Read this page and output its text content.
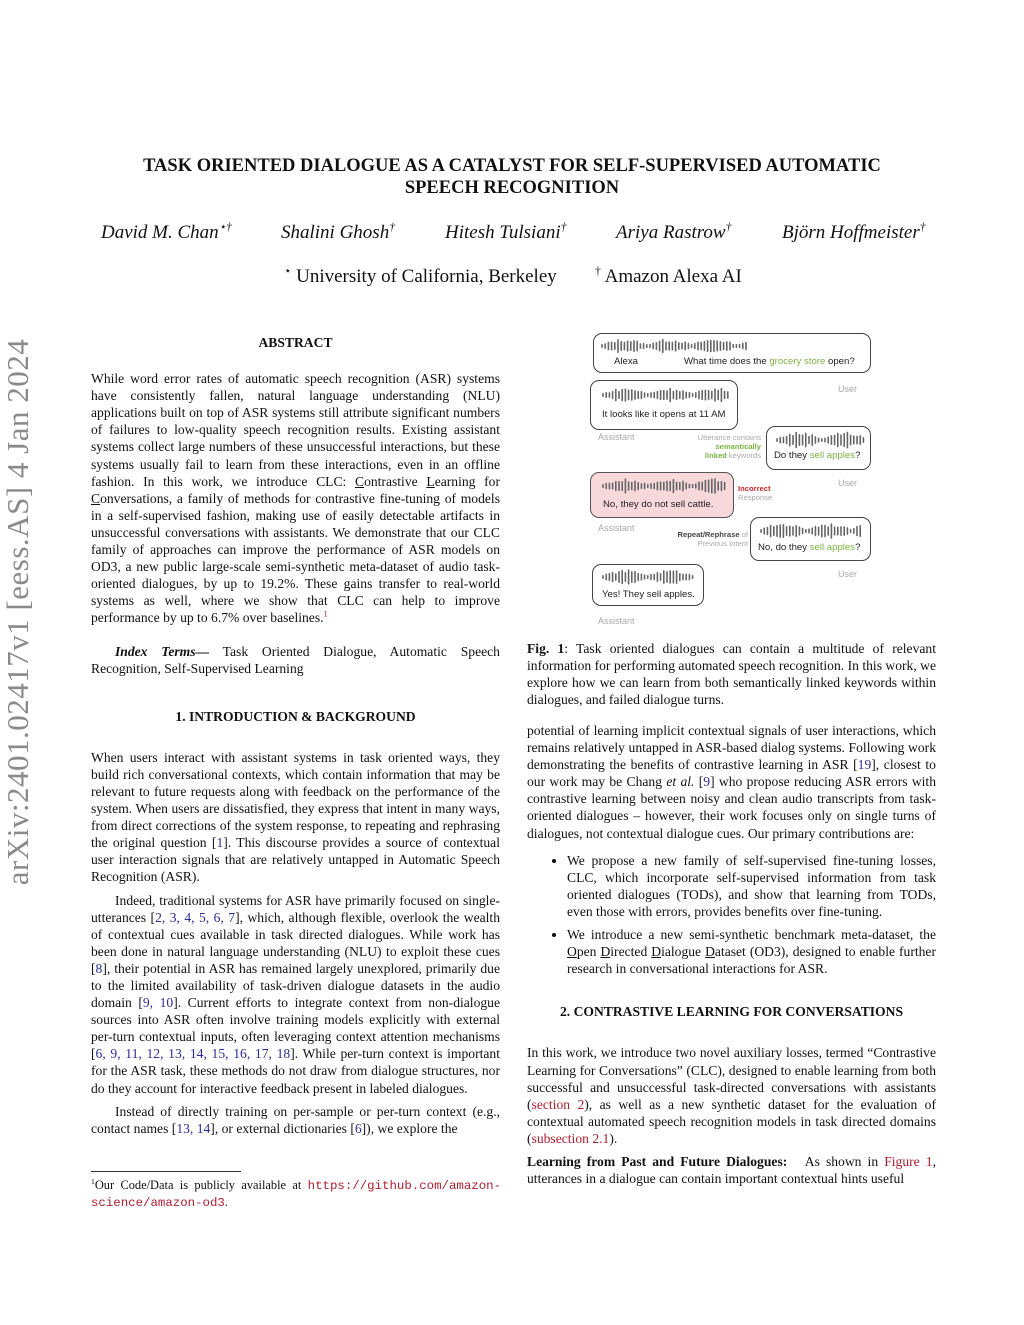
arXiv:2401.02417v1 [eess.AS] 4 Jan 2024
TASK ORIENTED DIALOGUE AS A CATALYST FOR SELF-SUPERVISED AUTOMATIC
SPEECH RECOGNITION
David M. Chan⋆†	Shalini Ghosh†	Hitesh Tulsiani†	Ariya Rastrow†	Björn Hoffmeister†
⋆ University of California, Berkeley	† Amazon Alexa AI

ABSTRACT

While word error rates of automatic speech recognition (ASR) systems have consistently fallen, natural language understanding (NLU) applications built on top of ASR systems still attribute significant numbers of failures to low-quality speech recognition results. Existing assistant systems collect large numbers of these unsuccessful interactions, but these systems usually fail to learn from these interactions, even in an offline fashion. In this work, we introduce CLC: Contrastive Learning for Conversations, a family of methods for contrastive fine-tuning of models in a self-supervised fashion, making use of easily detectable artifacts in unsuccessful conversations with assistants. We demonstrate that our CLC family of approaches can improve the performance of ASR models on OD3, a new public large-scale semi-synthetic meta-dataset of audio task-oriented dialogues, by up to 19.2%. These gains transfer to real-world systems as well, where we show that CLC can help to improve performance by up to 6.7% over baselines.$^1$

Index Terms— Task Oriented Dialogue, Automatic Speech Recognition, Self-Supervised Learning

1. INTRODUCTION & BACKGROUND

When users interact with assistant systems in task oriented ways, they build rich conversational contexts, which contain information that may be relevant to future requests along with feedback on the performance of the system. When users are dissatisfied, they express that intent in many ways, from direct corrections of the system response, to repeating and rephrasing the original question [1]. This discourse provides a source of contextual user interaction signals that are relatively untapped in Automatic Speech Recognition (ASR).

Indeed, traditional systems for ASR have primarily focused on single-utterances [2, 3, 4, 5, 6, 7], which, although flexible, overlook the wealth of contextual cues available in task directed dialogues. While work has been done in natural language understanding (NLU) to exploit these cues [8], their potential in ASR has remained largely unexplored, primarily due to the limited availability of task-driven dialogue datasets in the audio domain [9, 10]. Current efforts to integrate context from non-dialogue sources into ASR often involve training models explicitly with external per-turn contextual inputs, often leveraging context attention mechanisms [6, 9, 11, 12, 13, 14, 15, 16, 17, 18]. While per-turn context is important for the ASR task, these methods do not draw from dialogue structures, nor do they account for interactive feedback present in labeled dialogues.

Instead of directly training on per-sample or per-turn context (e.g., contact names [13, 14], or external dictionaries [6]), we explore the

$^1$Our Code/Data is publicly available at https://github.com/amazon-science/amazon-od3.
Alexa	What time does the grocery store open?
User
It looks like it opens at 11 AM
Assistant	Utterance contains
semantically
linked keywords Do they sell apples?
User
No, they do not sell cattle.
Assistant
Incorrect
Response
Repeat/Rephrase of
Previous Intent No, do they sell apples?
User
Yes! They sell apples.
Assistant
Fig. 1: Task oriented dialogues can contain a multitude of relevant information for performing automated speech recognition. In this work, we explore how we can learn from both semantically linked keywords within dialogues, and failed dialogue turns.

potential of learning implicit contextual signals of user interactions, which remains relatively untapped in ASR-based dialog systems. Following work demonstrating the benefits of contrastive learning in ASR [19], closest to our work may be Chang et al. [9] who propose reducing ASR errors with contrastive learning between noisy and clean audio transcripts from task-oriented dialogues – however, their work focuses only on single turns of dialogues, not contextual dialogue cues. Our primary contributions are:

• We propose a new family of self-supervised fine-tuning losses, CLC, which incorporate self-supervised information from task oriented dialogues (TODs), and show that learning from TODs, even those with errors, provides benefits over fine-tuning.
• We introduce a new semi-synthetic benchmark meta-dataset, the Open Directed Dialogue Dataset (OD3), designed to enable further research in conversational interactions for ASR.

2. CONTRASTIVE LEARNING FOR CONVERSATIONS

In this work, we introduce two novel auxiliary losses, termed “Contrastive Learning for Conversations” (CLC), designed to enable learning from both successful and unsuccessful task-directed conversations with assistants (section 2), as well as a new synthetic dataset for the evaluation of contextual automated speech recognition models in task directed domains (subsection 2.1).

Learning from Past and Future Dialogues:   As shown in Figure 1, utterances in a dialogue can contain important contextual hints useful
